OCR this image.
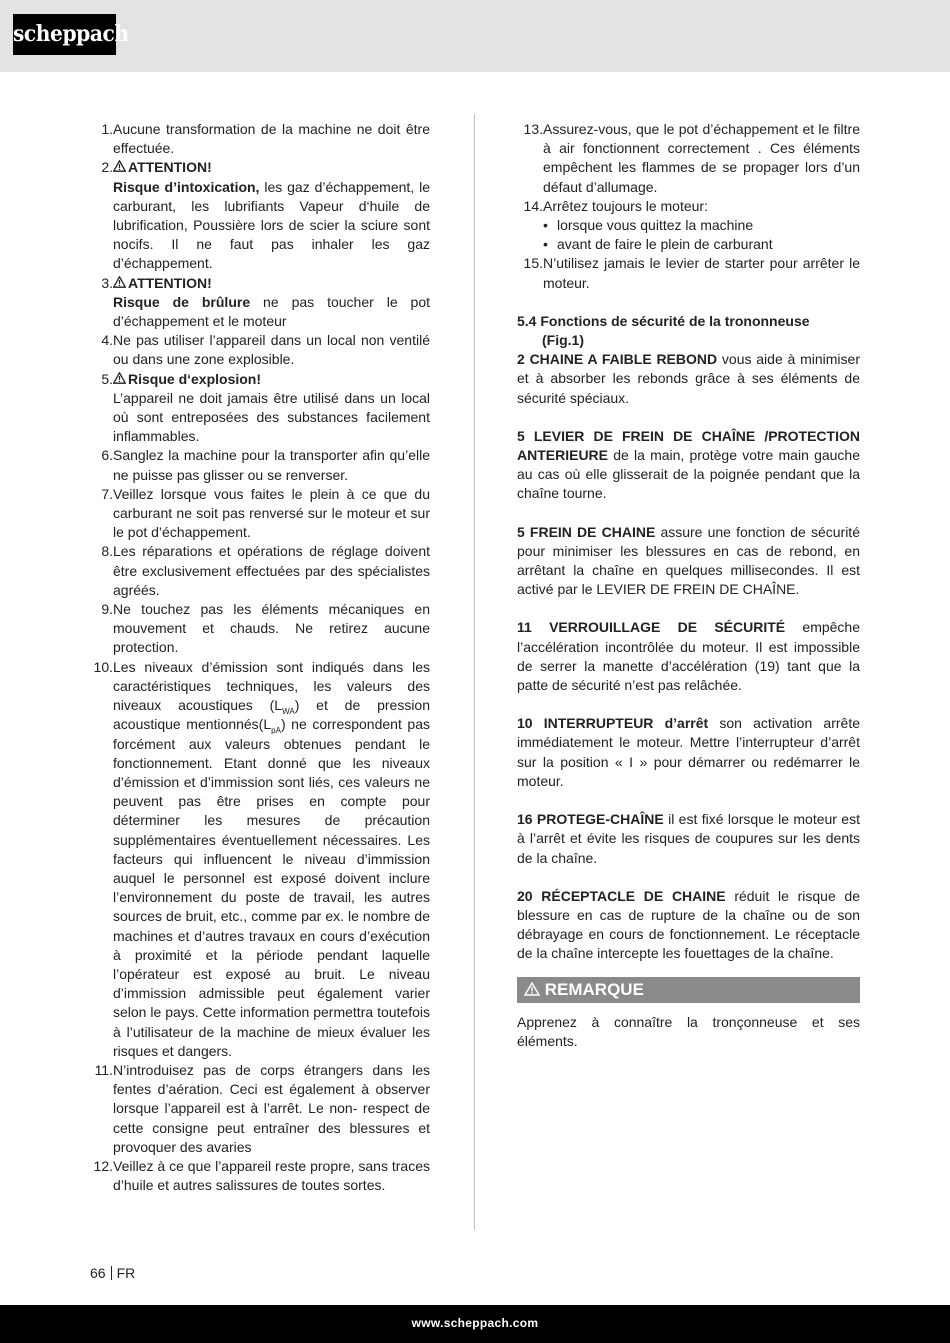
scheppach
1. Aucune transformation de la machine ne doit être effectuée.
2.	ATTENTION!
Risque d’intoxication, les gaz d’échappement, le carburant, les lubrifiants Vapeur d‘huile de lubrification, Poussière lors de scier la sciure sont nocifs. Il ne faut pas inhaler les gaz d’échappement.
3.	ATTENTION!
Risque de brûlure ne pas toucher le pot d’échappement et le moteur
4. Ne pas utiliser l’appareil dans un local non ventilé ou dans une zone explosible.
5.	Risque d‘explosion!
L’appareil ne doit jamais être utilisé dans un local où sont entreposées des substances facilement inflammables.
6. Sanglez la machine pour la transporter afin qu’elle ne puisse pas glisser ou se renverser.
7. Veillez lorsque vous faites le plein à ce que du carburant ne soit pas renversé sur le moteur et sur le pot d’échappement.
8. Les réparations et opérations de réglage doivent être exclusivement effectuées par des spécialistes agréés.
9. Ne touchez pas les éléments mécaniques en mouvement et chauds. Ne retirez aucune protection.
10. Les niveaux d’émission sont indiqués dans les caractéristiques techniques, les valeurs des niveaux acoustiques $(L_{WA})$ et de pression acoustique $mentionnés(L_{pA})$ ne correspondent pas forcément aux valeurs obtenues pendant le fonctionnement. Etant donné que les niveaux d’émission et d’immission sont liés, ces valeurs ne peuvent pas être prises en compte pour déterminer les mesures de précaution supplémentaires éventuellement nécessaires. Les facteurs qui influencent le niveau d’immission auquel le personnel est exposé doivent inclure l’environnement du poste de travail, les autres sources de bruit, etc., comme par ex. le nombre de machines et d’autres travaux en cours d’exécution à proximité et la période pendant laquelle l’opérateur est exposé au bruit. Le niveau d’immission admissible peut également varier selon le pays. Cette information permettra toutefois à l’utilisateur de la machine de mieux évaluer les risques et dangers.
11. N’introduisez pas de corps étrangers dans les fentes d’aération. Ceci est également à observer lorsque l’appareil est à l’arrêt. Le non- respect de cette consigne peut entraîner des blessures et provoquer des avaries
12. Veillez à ce que l’appareil reste propre, sans traces d’huile et autres salissures de toutes sortes.
13. Assurez-vous, que le pot d’échappement et le filtre à air fonctionnent correctement . Ces éléments empêchent les flammes de se propager lors d’un défaut d’allumage.
14. Arrêtez toujours le moteur:
• lorsque vous quittez la machine
• avant de faire le plein de carburant
15. N’utilisez jamais le levier de starter pour arrêter le moteur.
5.4 Fonctions de sécurité de la trononneuse
(Fig.1)
2 CHAINE A FAIBLE REBOND vous aide à minimiser et à absorber les rebonds grâce à ses éléments de sécurité spéciaux.
5 LEVIER DE FREIN DE CHAÎNE /PROTECTION ANTERIEURE de la main, protège votre main gauche au cas où elle glisserait de la poignée pendant que la chaîne tourne.
5 FREIN DE CHAINE assure une fonction de sécurité pour minimiser les blessures en cas de rebond, en arrêtant la chaîne en quelques millisecondes. Il est activé par le LEVIER DE FREIN DE CHAÎNE.
11 VERROUILLAGE DE SÉCURITÉ empêche l’accélération incontrôlée du moteur. Il est impossible de serrer la manette d’accélération (19) tant que la patte de sécurité n’est pas relâchée.
10 INTERRUPTEUR d’arrêt son activation arrête immédiatement le moteur. Mettre l’interrupteur d’arrêt sur la position « I » pour démarrer ou redémarrer le moteur.
16 PROTEGE-CHAÎNE il est fixé lorsque le moteur est à l’arrêt et évite les risques de coupures sur les dents de la chaîne.
20 RÉCEPTACLE DE CHAINE réduit le risque de blessure en cas de rupture de la chaîne ou de son débrayage en cours de fonctionnement. Le réceptacle de la chaîne intercepte les fouettages de la chaîne.
REMARQUE
Apprenez à connaître la tronçonneuse et ses éléments.
66 FR
www.scheppach.com
